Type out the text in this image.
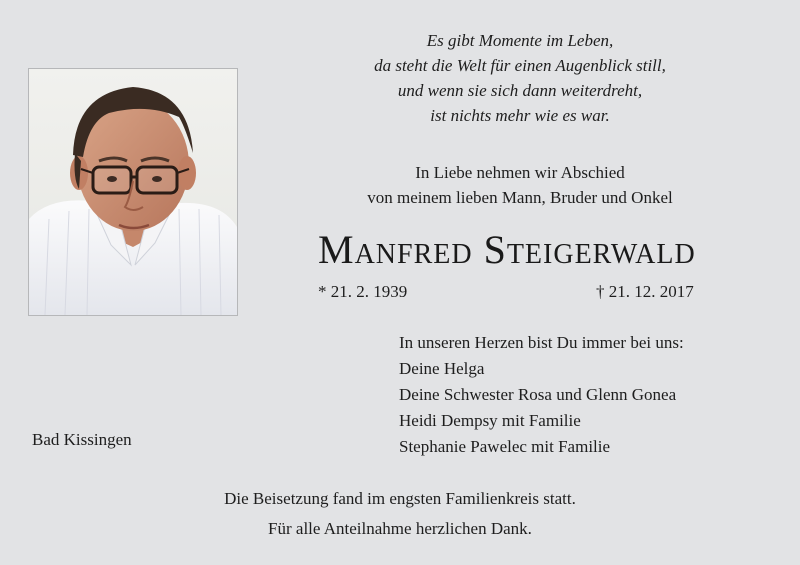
Es gibt Momente im Leben,
da steht die Welt für einen Augenblick still,
und wenn sie sich dann weiterdreht,
ist nichts mehr wie es war.
In Liebe nehmen wir Abschied
von meinem lieben Mann, Bruder und Onkel
Manfred Steigerwald
* 21. 2. 1939	† 21. 12. 2017
In unseren Herzen bist Du immer bei uns:
Deine Helga
Deine Schwester Rosa und Glenn Gonea
Heidi Dempsy mit Familie
Stephanie Pawelec mit Familie
Bad Kissingen
Die Beisetzung fand im engsten Familienkreis statt.
Für alle Anteilnahme herzlichen Dank.
